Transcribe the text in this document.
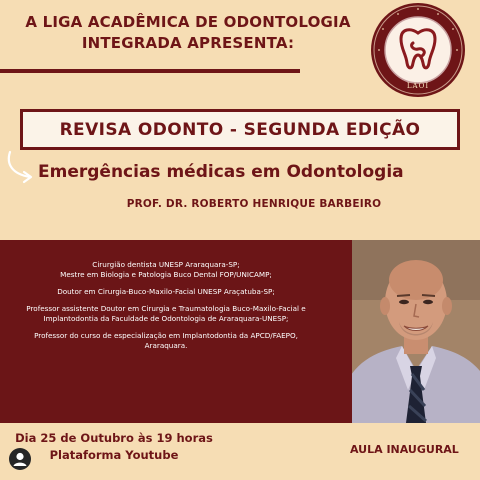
A LIGA ACADÊMICA DE ODONTOLOGIA
INTEGRADA APRESENTA:
LAOI
REVISA ODONTO - SEGUNDA EDIÇÃO
Emergências médicas em Odontologia
PROF. DR. ROBERTO HENRIQUE BARBEIRO

Cirurgião dentista UNESP Araraquara-SP;
Mestre em Biologia e Patologia Buco Dental FOP/UNICAMP;

Doutor em Cirurgia-Buco-Maxilo-Facial UNESP Araçatuba-SP;

Professor assistente Doutor em Cirurgia e Traumatologia Buco-Maxilo-Facial e
Implantodontia da Faculdade de Odontologia de Araraquara-UNESP;

Professor do curso de especialização em Implantodontia da APCD/FAEPO,
Araraquara.

Dia 25 de Outubro às 19 horas
Plataforma Youtube	AULA INAUGURAL
